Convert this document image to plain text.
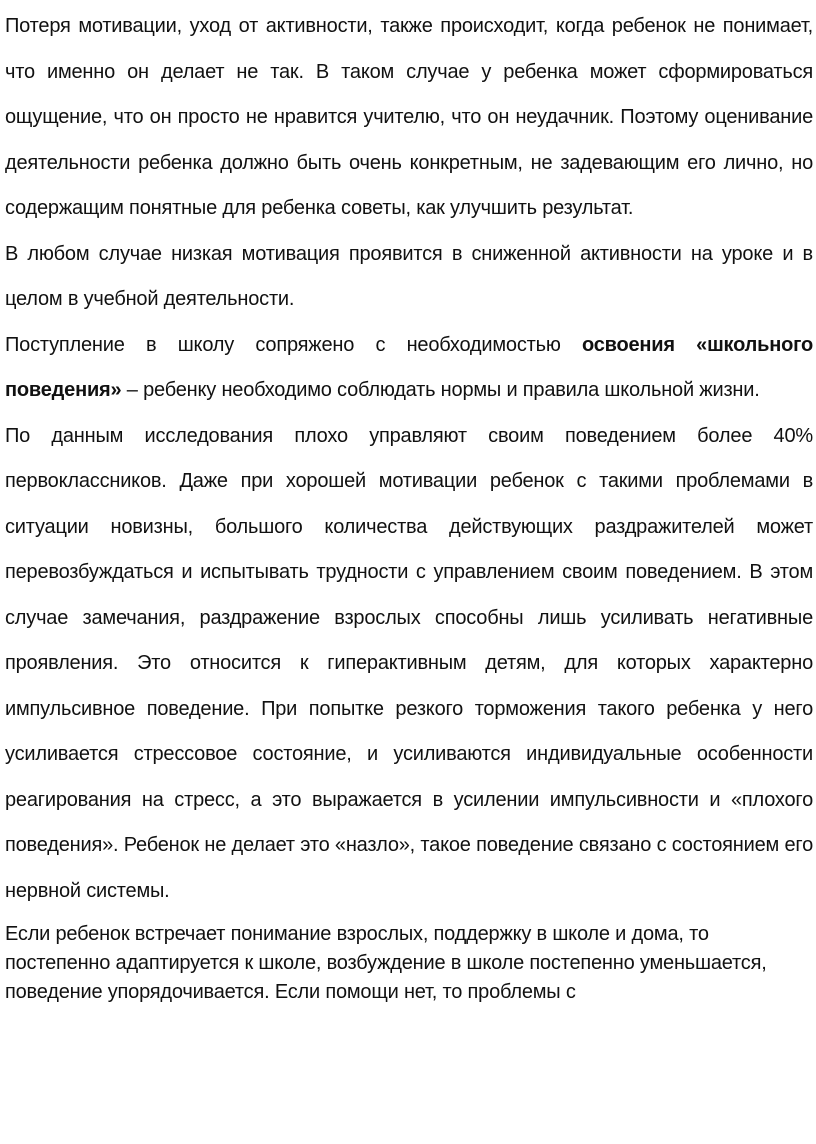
Потеря мотивации, уход от активности, также происходит, когда ребенок не понимает, что именно он делает не так. В таком случае у ребенка может сформироваться ощущение, что он просто не нравится учителю, что он неудачник. Поэтому оценивание деятельности ребенка должно быть очень конкретным, не задевающим его лично, но содержащим понятные для ребенка советы, как улучшить результат.

В любом случае низкая мотивация проявится в сниженной активности на уроке и в целом в учебной деятельности.

Поступление в школу сопряжено с необходимостью освоения «школьного поведения» – ребенку необходимо соблюдать нормы и правила школьной жизни.

По данным исследования плохо управляют своим поведением более 40% первоклассников. Даже при хорошей мотивации ребенок с такими проблемами в ситуации новизны, большого количества действующих раздражителей может перевозбуждаться и испытывать трудности с управлением своим поведением. В этом случае замечания, раздражение взрослых способны лишь усиливать негативные проявления. Это относится к гиперактивным детям, для которых характерно импульсивное поведение. При попытке резкого торможения такого ребенка у него усиливается стрессовое состояние, и усиливаются индивидуальные особенности реагирования на стресс, а это выражается в усилении импульсивности и «плохого поведения». Ребенок не делает это «назло», такое поведение связано с состоянием его нервной системы.

Если ребенок встречает понимание взрослых, поддержку в школе и дома, то постепенно адаптируется к школе, возбуждение в школе постепенно уменьшается, поведение упорядочивается. Если помощи нет, то проблемы с
